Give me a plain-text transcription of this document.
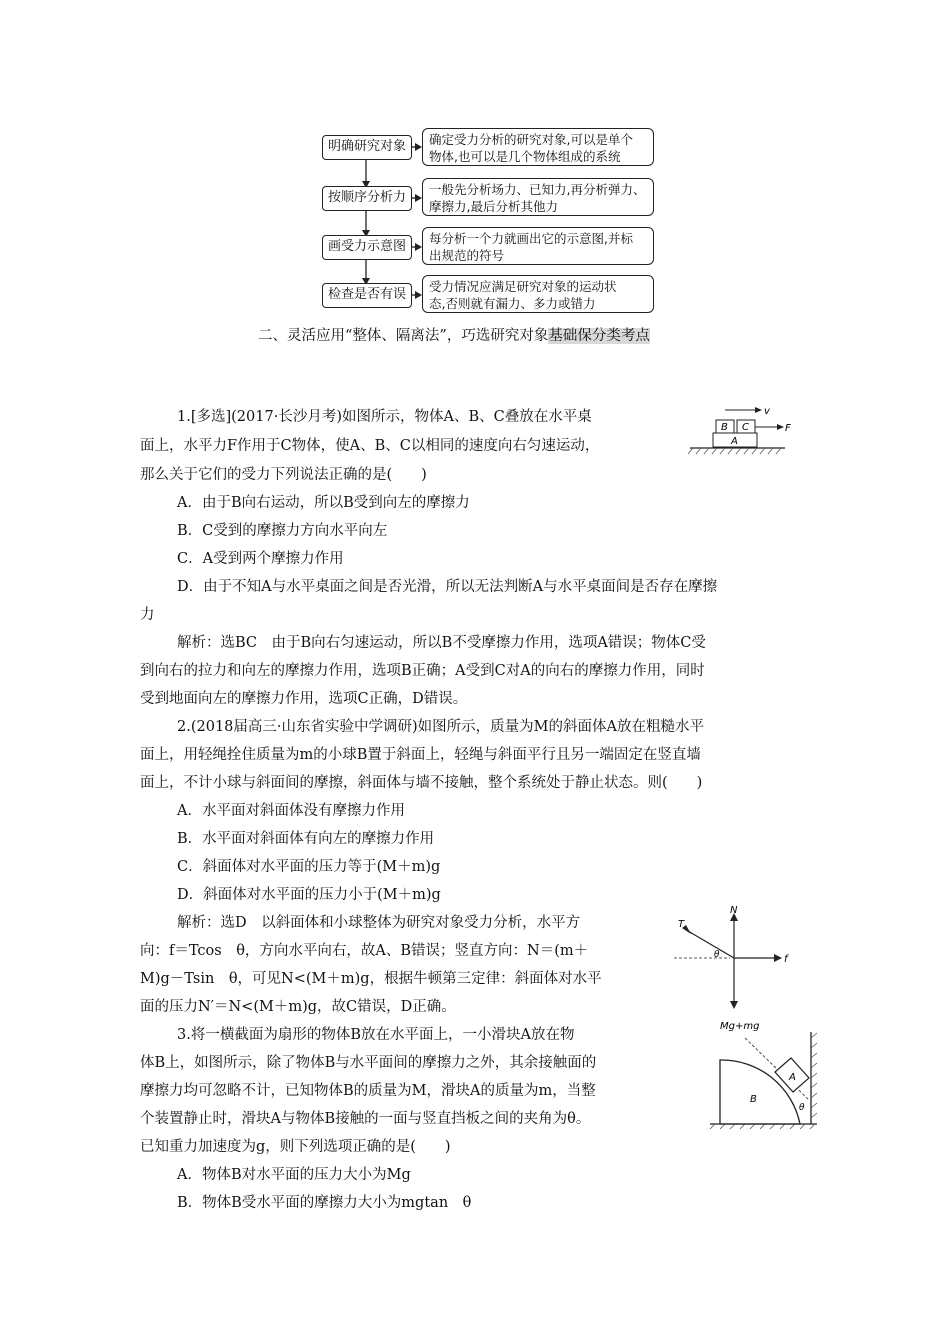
明确研究对象	确定受力分析的研究对象,可以是单个
物体,也可以是几个物体组成的系统
按顺序分析力
一般先分析场力、已知力,再分析弹力、
摩擦力,最后分析其他力
画受力示意图
每分析一个力就画出它的示意图,并标
出规范的符号
检查是否有误
受力情况应满足研究对象的运动状
态,否则就有漏力、多力或错力
二、灵活应用“整体、隔离法”，巧选研究对象基础保分类考点
1.[多选](2017·长沙月考)如图所示，物体A、B、C叠放在水平桌
面上，水平力F作用于C物体，使A、B、C以相同的速度向右匀速运动，
那么关于它们的受力下列说法正确的是(　　)
A．由于B向右运动，所以B受到向左的摩擦力
B．C受到的摩擦力方向水平向左
C．A受到两个摩擦力作用
D．由于不知A与水平桌面之间是否光滑，所以无法判断A与水平桌面间是否存在摩擦
力
解析：选BC　由于B向右匀速运动，所以B不受摩擦力作用，选项A错误；物体C受
到向右的拉力和向左的摩擦力作用，选项B正确；A受到C对A的向右的摩擦力作用，同时
受到地面向左的摩擦力作用，选项C正确，D错误。
v
A
B C	F
2.(2018届高三·山东省实验中学调研)如图所示，质量为M的斜面体A放在粗糙水平
面上，用轻绳拴住质量为m的小球B置于斜面上，轻绳与斜面平行且另一端固定在竖直墙
面上，不计小球与斜面间的摩擦，斜面体与墙不接触，整个系统处于静止状态。则(　　)
A．水平面对斜面体没有摩擦力作用
B．水平面对斜面体有向左的摩擦力作用
C．斜面体对水平面的压力等于(M＋m)g
D．斜面体对水平面的压力小于(M＋m)g
解析：选D　以斜面体和小球整体为研究对象受力分析，水平方
向：f＝Tcos　θ，方向水平向右，故A、B错误；竖直方向：N＝(m＋
M)g－Tsin　θ，可见N<(M＋m)g，根据牛顿第三定律：斜面体对水平
面的压力N′＝N<(M＋m)g，故C错误，D正确。
N
f
T
θ
Mg+mg
3.将一横截面为扇形的物体B放在水平面上，一小滑块A放在物
体B上，如图所示，除了物体B与水平面间的摩擦力之外，其余接触面的
摩擦力均可忽略不计，已知物体B的质量为M，滑块A的质量为m，当整
个装置静止时，滑块A与物体B接触的一面与竖直挡板之间的夹角为θ。
已知重力加速度为g，则下列选项正确的是(　　)
A．物体B对水平面的压力大小为Mg
B．物体B受水平面的摩擦力大小为mgtan　θ
A
B
θ
